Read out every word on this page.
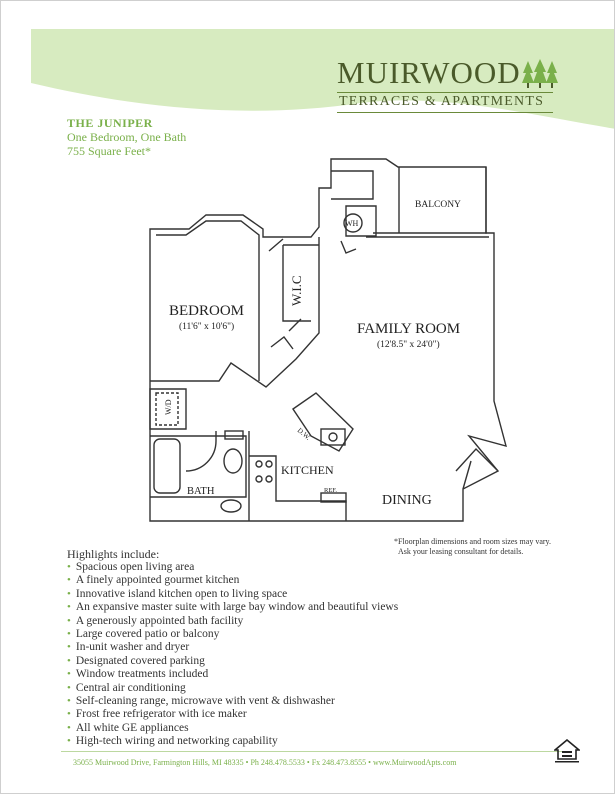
MUIRWOOD
TERRACES & APARTMENTS
THE JUNIPER
One Bedroom, One Bath
755 Square Feet*
BEDROOM
(11'6" x 10'6")
W.I.C
FAMILY ROOM
(12'8.5" x 24'0")
BALCONY
WH
W/D
KITCHEN
D.W.
REF.
BATH
DINING
*Floorplan dimensions and room sizes may vary.
Ask your leasing consultant for details.
Highlights include:
• Spacious open living area
• A finely appointed gourmet kitchen
• Innovative island kitchen open to living space
• An expansive master suite with large bay window and beautiful views
• A generously appointed bath facility
• Large covered patio or balcony
• In-unit washer and dryer
• Designated covered parking
• Window treatments included
• Central air conditioning
• Self-cleaning range, microwave with vent & dishwasher
• Frost free refrigerator with ice maker
• All white GE appliances
• High-tech wiring and networking capability
35055 Muirwood Drive, Farmington Hills, MI 48335 • Ph 248.478.5533 • Fx 248.473.8555 • www.MuirwoodApts.com
